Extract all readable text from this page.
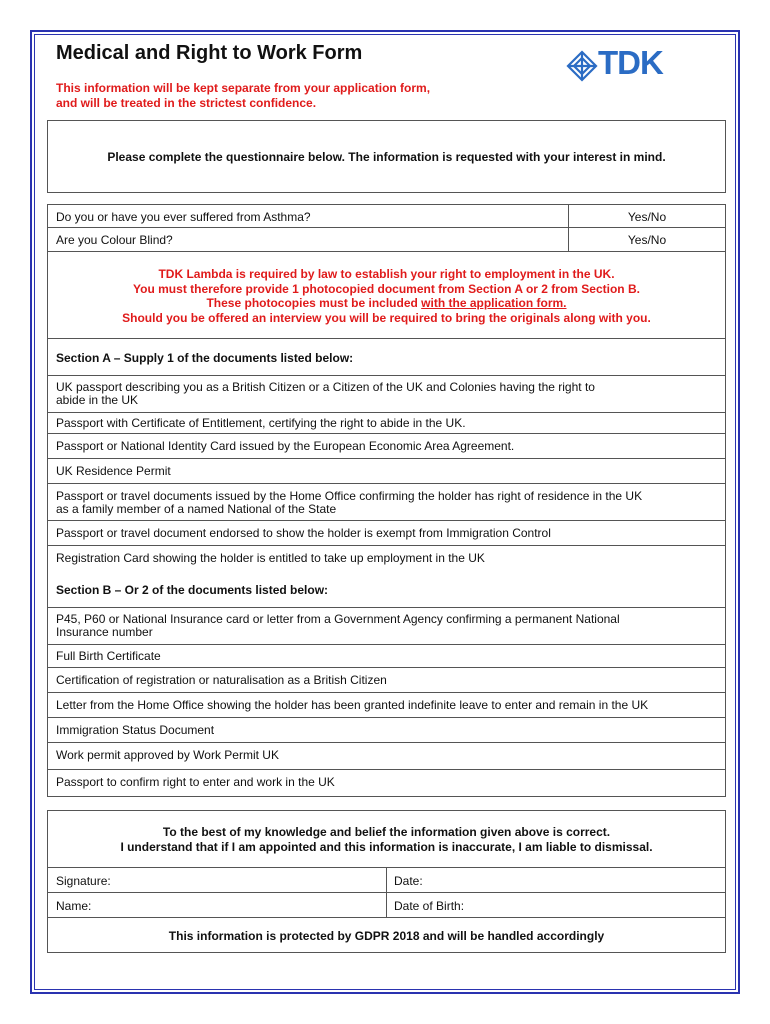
Medical and Right to Work Form
This information will be kept separate from your application form,
and will be treated in the strictest confidence.
TDK
Please complete the questionnaire below. The information is requested with your interest in mind.
Do you or have you ever suffered from Asthma?	Yes/No
Are you Colour Blind?	Yes/No
TDK Lambda is required by law to establish your right to employment in the UK.
You must therefore provide 1 photocopied document from Section A or 2 from Section B.
These photocopies must be included with the application form.
Should you be offered an interview you will be required to bring the originals along with you.
Section A – Supply 1 of the documents listed below:
UK passport describing you as a British Citizen or a Citizen of the UK and Colonies having the right to
abide in the UK
Passport with Certificate of Entitlement, certifying the right to abide in the UK.
Passport or National Identity Card issued by the European Economic Area Agreement.
UK Residence Permit
Passport or travel documents issued by the Home Office confirming the holder has right of residence in the UK
as a family member of a named National of the State
Passport or travel document endorsed to show the holder is exempt from Immigration Control
Registration Card showing the holder is entitled to take up employment in the UK
Section B – Or 2 of the documents listed below:
P45, P60 or National Insurance card or letter from a Government Agency confirming a permanent National
Insurance number
Full Birth Certificate
Certification of registration or naturalisation as a British Citizen
Letter from the Home Office showing the holder has been granted indefinite leave to enter and remain in the UK
Immigration Status Document
Work permit approved by Work Permit UK
Passport to confirm right to enter and work in the UK
To the best of my knowledge and belief the information given above is correct.
I understand that if I am appointed and this information is inaccurate, I am liable to dismissal.
Signature:	Date:
Name:	Date of Birth:
This information is protected by GDPR 2018 and will be handled accordingly
